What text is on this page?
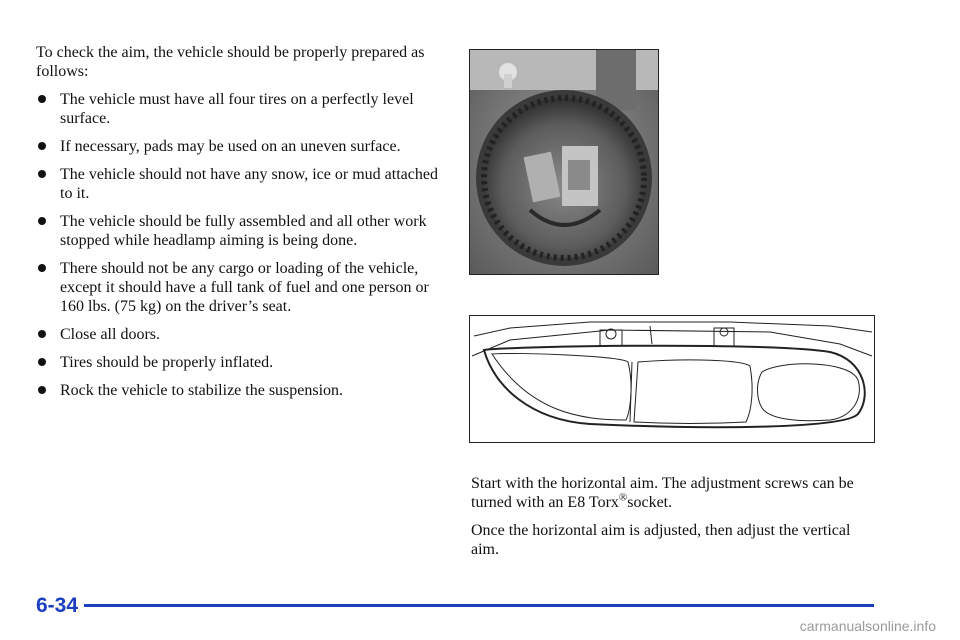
To check the aim, the vehicle should be properly prepared as follows:

The vehicle must have all four tires on a perfectly level surface.
If necessary, pads may be used on an uneven surface.
The vehicle should not have any snow, ice or mud attached to it.
The vehicle should be fully assembled and all other work stopped while headlamp aiming is being done.
There should not be any cargo or loading of the vehicle, except it should have a full tank of fuel and one person or 160 lbs. (75 kg) on the driver’s seat.
Close all doors.
Tires should be properly inflated.
Rock the vehicle to stabilize the suspension.

Start with the horizontal aim. The adjustment screws can be turned with an E8 Torx®socket.

Once the horizontal aim is adjusted, then adjust the vertical aim.

6-34
carmanualsonline.info
